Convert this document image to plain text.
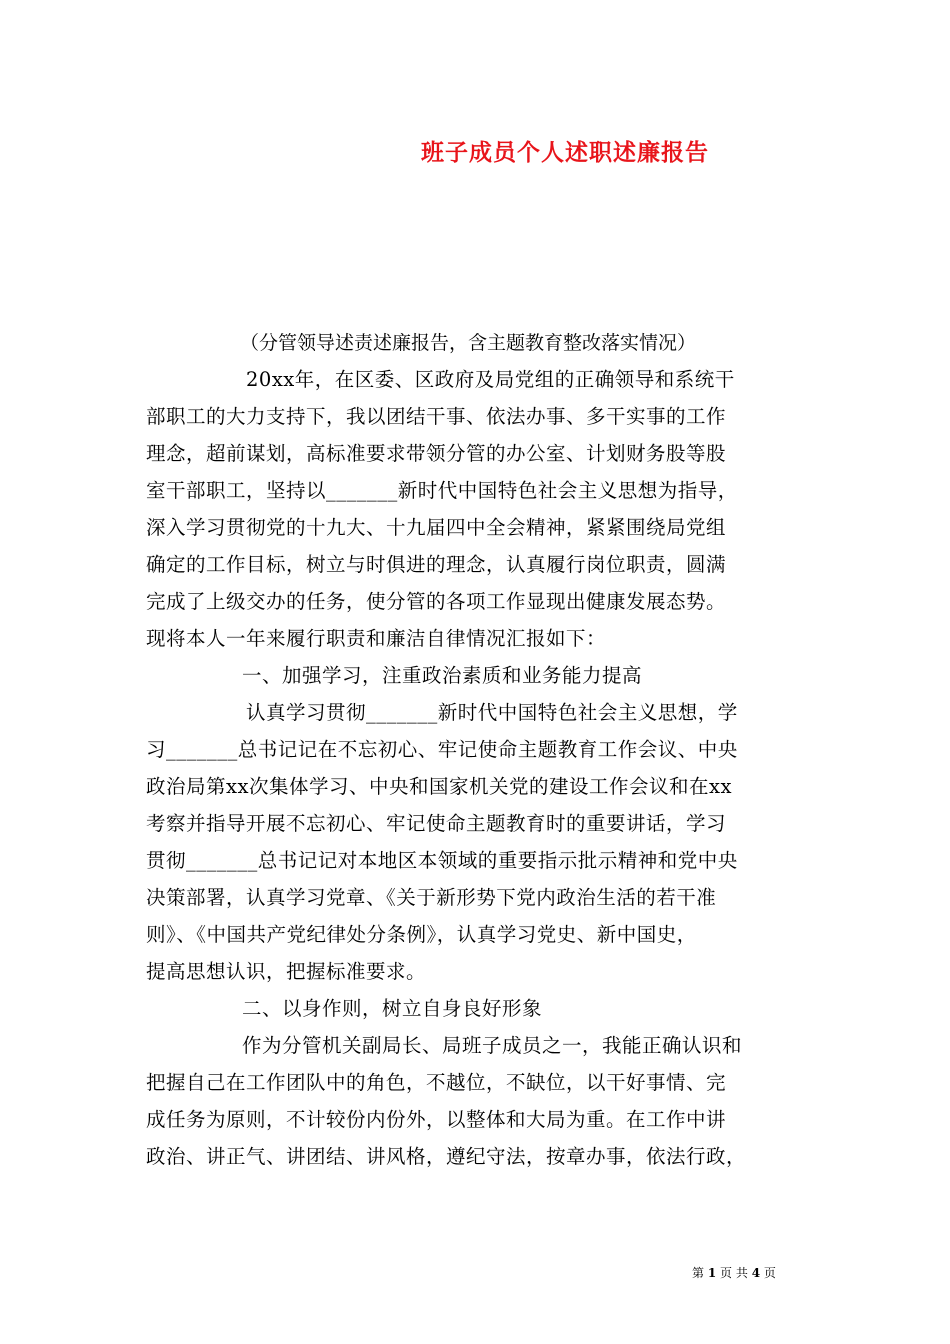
班子成员个人述职述廉报告
（分管领导述责述廉报告，含主题教育整改落实情况）
20xx年，在区委、区政府及局党组的正确领导和系统干
部职工的大力支持下，我以团结干事、依法办事、多干实事的工作
理念，超前谋划，高标准要求带领分管的办公室、计划财务股等股
室干部职工，坚持以_______新时代中国特色社会主义思想为指导，
深入学习贯彻党的十九大、十九届四中全会精神，紧紧围绕局党组
确定的工作目标，树立与时俱进的理念，认真履行岗位职责，圆满
完成了上级交办的任务，使分管的各项工作显现出健康发展态势。
现将本人一年来履行职责和廉洁自律情况汇报如下：
一、加强学习，注重政治素质和业务能力提高
认真学习贯彻_______新时代中国特色社会主义思想，学
习_______总书记记在不忘初心、牢记使命主题教育工作会议、中央
政治局第xx次集体学习、中央和国家机关党的建设工作会议和在xx
考察并指导开展不忘初心、牢记使命主题教育时的重要讲话，学习
贯彻_______总书记记对本地区本领域的重要指示批示精神和党中央
决策部署，认真学习党章、《关于新形势下党内政治生活的若干准
则》、《中国共产党纪律处分条例》，认真学习党史、新中国史，
提高思想认识，把握标准要求。
二、以身作则，树立自身良好形象
作为分管机关副局长、局班子成员之一，我能正确认识和
把握自己在工作团队中的角色，不越位，不缺位，以干好事情、完
成任务为原则，不计较份内份外，以整体和大局为重。在工作中讲
政治、讲正气、讲团结、讲风格，遵纪守法，按章办事，依法行政，
第 1 页 共 4 页
